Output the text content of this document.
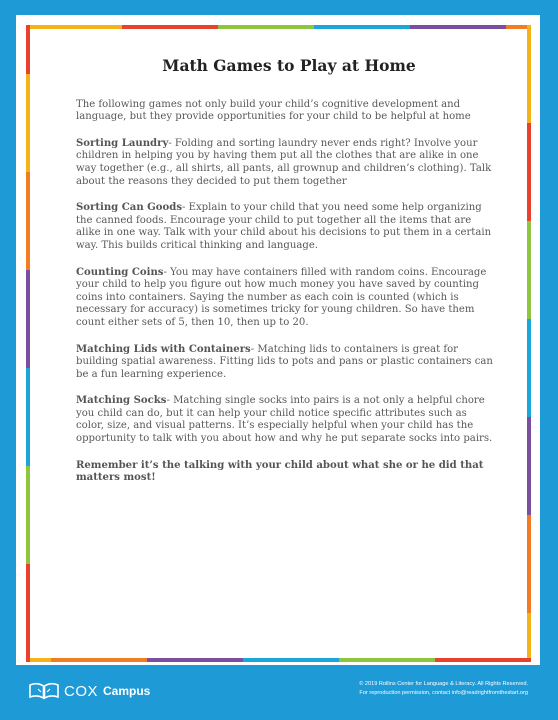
Math Games to Play at Home

The following games not only build your child’s cognitive development and language, but they provide opportunities for your child to be helpful at home

Sorting Laundry- Folding and sorting laundry never ends right? Involve your children in helping you by having them put all the clothes that are alike in one way together (e.g., all shirts, all pants, all grownup and children’s clothing). Talk about the reasons they decided to put them together

Sorting Can Goods- Explain to your child that you need some help organizing the canned foods. Encourage your child to put together all the items that are alike in one way. Talk with your child about his decisions to put them in a certain way. This builds critical thinking and language.

Counting Coins- You may have containers filled with random coins. Encourage your child to help you figure out how much money you have saved by counting coins into containers. Saying the number as each coin is counted (which is necessary for accuracy) is sometimes tricky for young children. So have them count either sets of 5, then 10, then up to 20.

Matching Lids with Containers- Matching lids to containers is great for building spatial awareness. Fitting lids to pots and pans or plastic containers can be a fun learning experience.

Matching Socks- Matching single socks into pairs is a not only a helpful chore you child can do, but it can help your child notice specific attributes such as color, size, and visual patterns. It’s especially helpful when your child has the opportunity to talk with you about how and why he put separate socks into pairs.

Remember it’s the talking with your child about what she or he did that matters most!

COX Campus	© 2019 Rollins Center for Language & Literacy. All Rights Reserved.
For reproduction permission, contact info@readrightfromthestart.org
